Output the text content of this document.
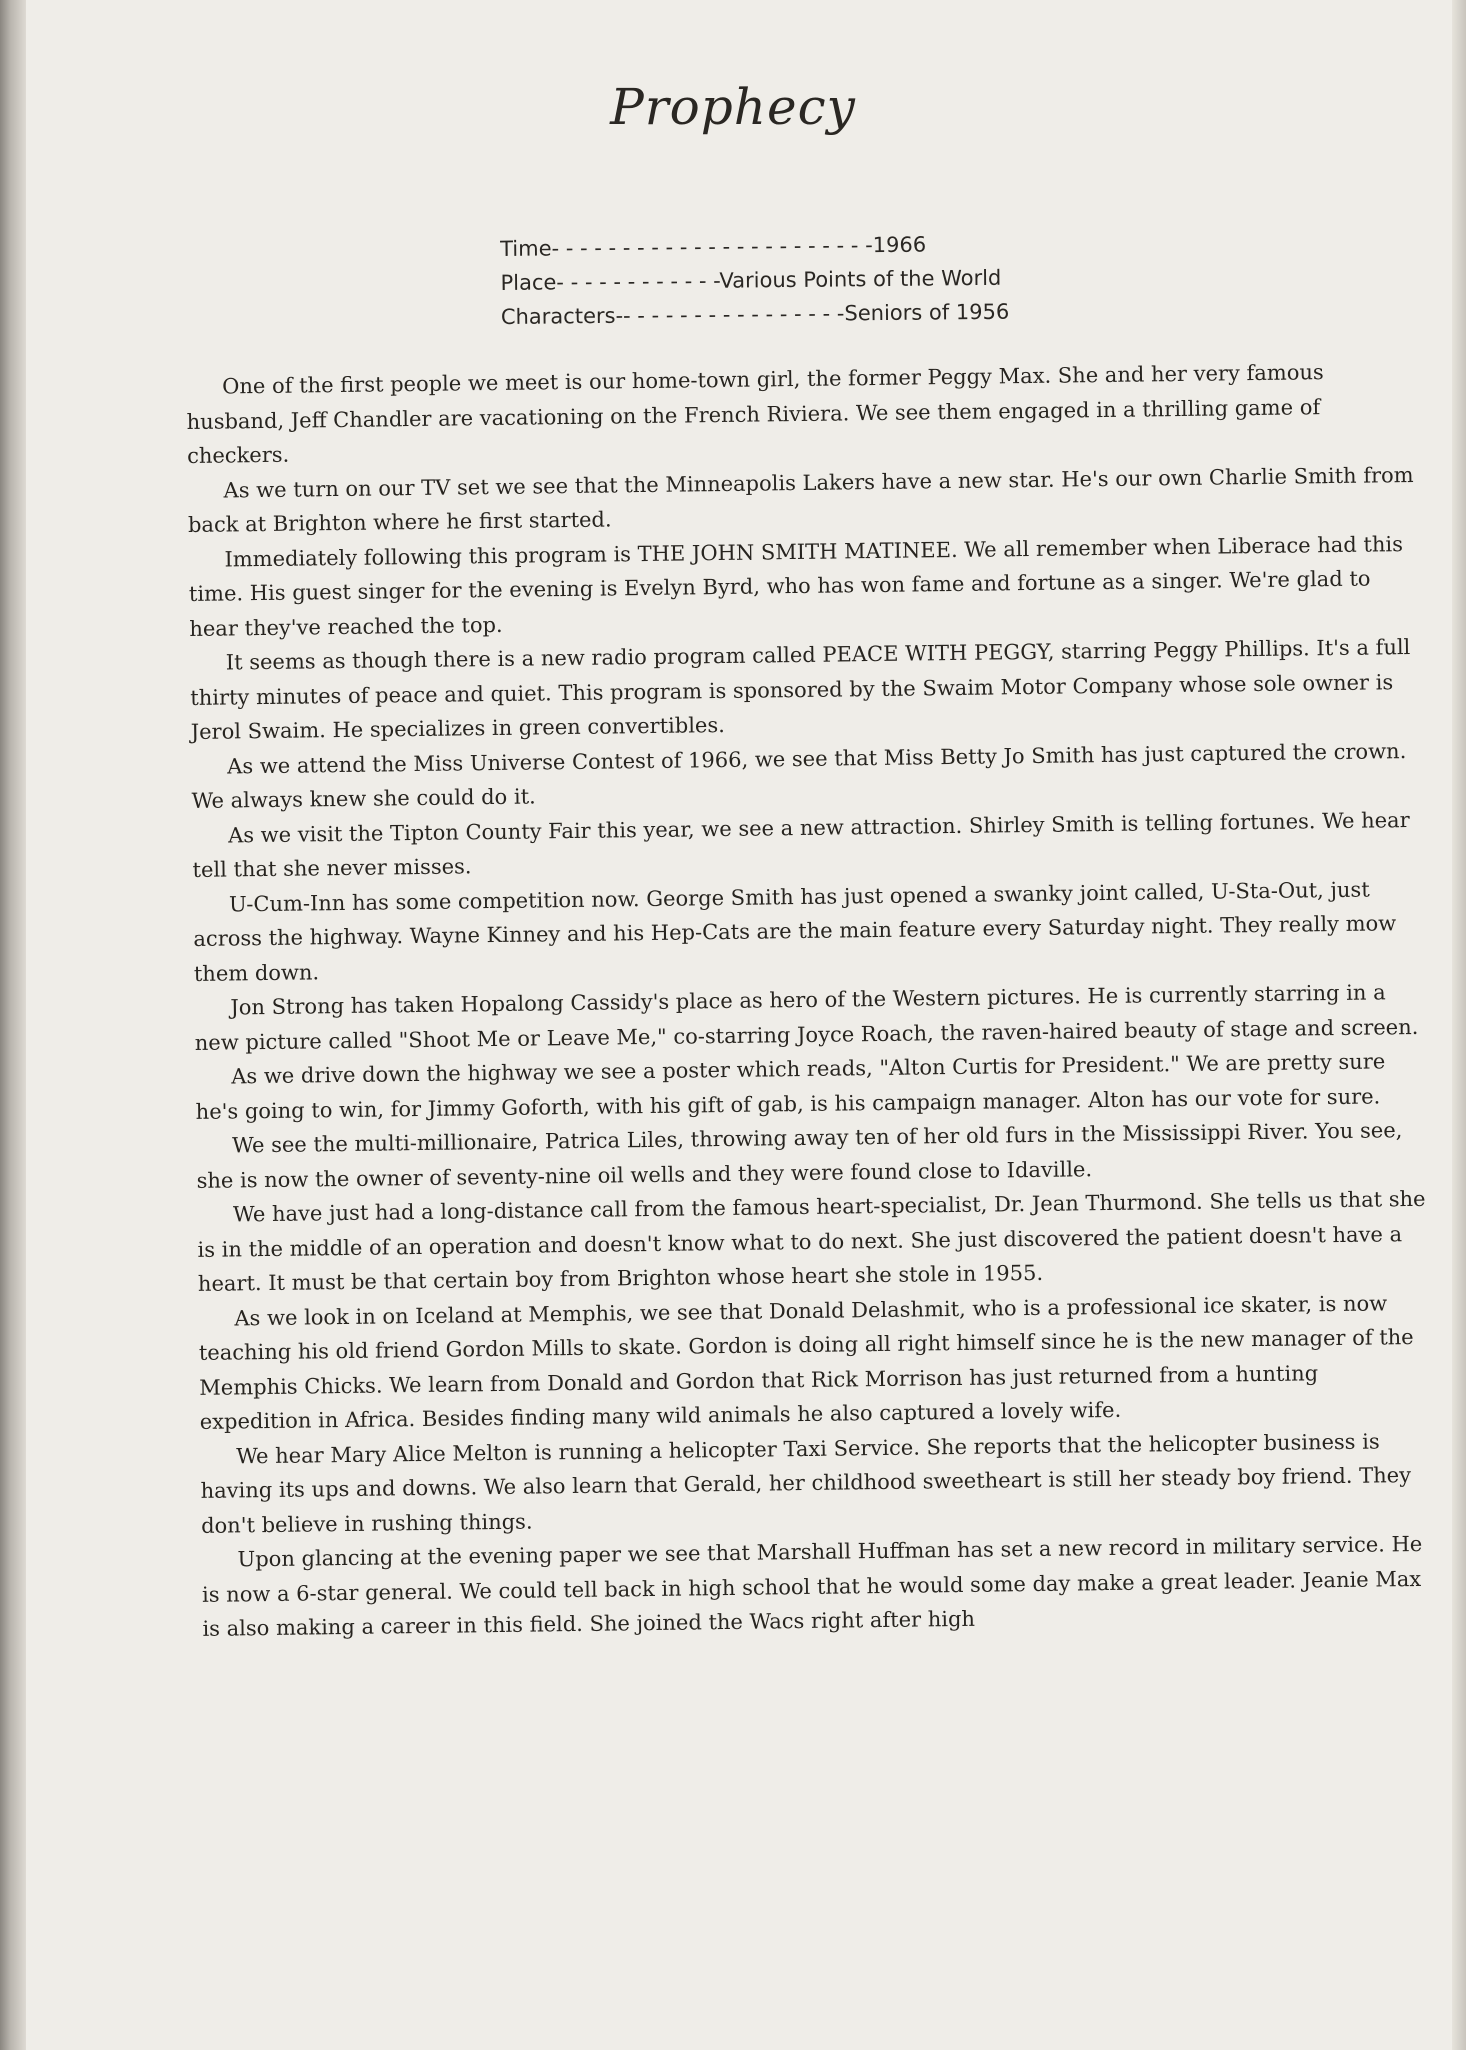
Prophecy
Time- - - - - - - - - - - - - - - - - - - - - - -1966
Place- - - - - - - - - - - -Various Points of the World
Characters-- - - - - - - - - - - - - - - -Seniors of 1956

One of the first people we meet is our home-town girl, the former Peggy Max. She and her very famous husband, Jeff Chandler are vacationing on the French Riviera. We see them engaged in a thrilling game of checkers.

As we turn on our TV set we see that the Minneapolis Lakers have a new star. He's our own Charlie Smith from back at Brighton where he first started.

Immediately following this program is THE JOHN SMITH MATINEE. We all remember when Liberace had this time. His guest singer for the evening is Evelyn Byrd, who has won fame and fortune as a singer. We're glad to hear they've reached the top.

It seems as though there is a new radio program called PEACE WITH PEGGY, starring Peggy Phillips. It's a full thirty minutes of peace and quiet. This program is sponsored by the Swaim Motor Company whose sole owner is Jerol Swaim. He specializes in green convertibles.

As we attend the Miss Universe Contest of 1966, we see that Miss Betty Jo Smith has just captured the crown. We always knew she could do it.

As we visit the Tipton County Fair this year, we see a new attraction. Shirley Smith is telling fortunes. We hear tell that she never misses.

U-Cum-Inn has some competition now. George Smith has just opened a swanky joint called, U-Sta-Out, just across the highway. Wayne Kinney and his Hep-Cats are the main feature every Saturday night. They really mow them down.

Jon Strong has taken Hopalong Cassidy's place as hero of the Western pictures. He is currently starring in a new picture called "Shoot Me or Leave Me," co-starring Joyce Roach, the raven-haired beauty of stage and screen.

As we drive down the highway we see a poster which reads, "Alton Curtis for President." We are pretty sure he's going to win, for Jimmy Goforth, with his gift of gab, is his campaign manager. Alton has our vote for sure.

We see the multi-millionaire, Patrica Liles, throwing away ten of her old furs in the Mississippi River. You see, she is now the owner of seventy-nine oil wells and they were found close to Idaville.

We have just had a long-distance call from the famous heart-specialist, Dr. Jean Thurmond. She tells us that she is in the middle of an operation and doesn't know what to do next. She just discovered the patient doesn't have a heart. It must be that certain boy from Brighton whose heart she stole in 1955.

As we look in on Iceland at Memphis, we see that Donald Delashmit, who is a professional ice skater, is now teaching his old friend Gordon Mills to skate. Gordon is doing all right himself since he is the new manager of the Memphis Chicks. We learn from Donald and Gordon that Rick Morrison has just returned from a hunting expedition in Africa. Besides finding many wild animals he also captured a lovely wife.

We hear Mary Alice Melton is running a helicopter Taxi Service. She reports that the helicopter business is having its ups and downs. We also learn that Gerald, her childhood sweetheart is still her steady boy friend. They don't believe in rushing things.

Upon glancing at the evening paper we see that Marshall Huffman has set a new record in military service. He is now a 6-star general. We could tell back in high school that he would some day make a great leader. Jeanie Max is also making a career in this field. She joined the Wacs right after high
